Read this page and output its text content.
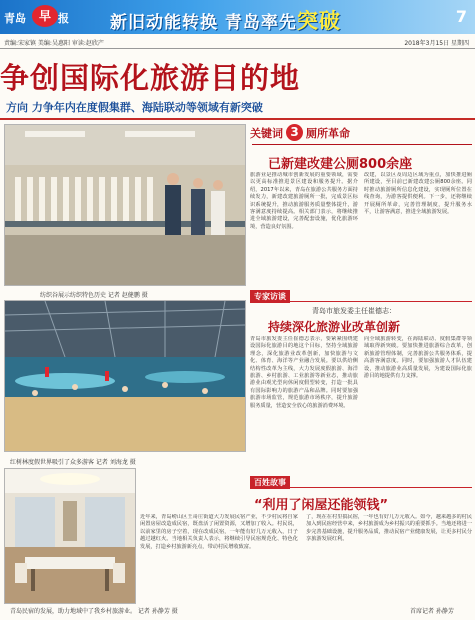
青岛	早 报 新旧动能转换 青岛率先突破	7
责编:宋家镇 美编:吴惠阳 审读:赵欣产	2018年3月15日 星期四
争创国际化旅游目的地
方向 力争年内在度假集群、海陆联动等领域有新突破
纺织谷展示纺织特色历史 记者 赵健鹏 摄
关键词 3 厕所革命
已新建改建公厕800余座
旅游业是推动城市创新发展的重要领域，需要以更高标准推进景区建设和服务提升。据介绍，2017年以来，青岛在旅游公共服务方面持续发力，新建改建旅游厕所一批，完成景区标识系统提升，推动旅游服务质量整体提升，游客满意度持续提高。相关部门表示，将继续推进全域旅游建设，完善配套设施，优化旅游环境，营造良好氛围。
改建，以景区及周边区域为重点，加快推进厕所建设，至目前已新建改建公厕800余座。同时推动旅游厕所信息化建设，实现厕所位置在线查询，为游客提供便利。下一步，还将继续开展厕所革命，完善管理制度，提升服务水平，让游客满意，推进全域旅游发展。
专家访谈
青岛市旅发委主任崔德志：
持续深化旅游业改革创新
青岛市旅发委主任崔德志表示，要紧紧围绕建设国际化旅游目的地这个目标，坚持全域旅游理念，深化旅游业改革创新，加快旅游与文化、体育、海洋等产业融合发展。要以供给侧结构性改革为主线，大力发展度假旅游、海洋旅游、乡村旅游、工业旅游等新业态，推动旅游业由观光型向休闲度假型转变，打造一批具有国际影响力的旅游产品和品牌。同时要加强旅游市场监管，规范旅游市场秩序，提升旅游服务质量，营造安全放心的旅游消费环境。
向全域旅游转变，在海陆联动、度假集群等领域取得新突破。要加快推进旅游综合改革，创新旅游管理体制，完善旅游公共服务体系，提高游客满意度。同时，要加强旅游人才队伍建设，推动旅游业高质量发展，为建设国际化旅游目的地提供有力支撑。
红树林度假世界吸引了众多游客 记者 刘海龙 摄
百姓故事
青岛民宿的发展，助力地域中了我乡村旅游业。 记者 孙静芳 摄
“利用了闲屋还能领钱”
近年来，青岛崂山区王哥庄街道大力发展民宿产业，不少村民将自家闲置房屋改造成民宿，既盘活了闲置资源，又增加了收入。村民说，以前家里的房子空着，现在改成民宿，一年能有好几万元收入，日子越过越红火。当地相关负责人表示，将继续引导民宿规范化、特色化发展，打造乡村旅游新亮点，带动村民增收致富。
了，现在在村里搞民宿，一年也有好几万元收入。如今，越来越多的村民加入到民宿经营中来，乡村旅游成为乡村振兴的重要抓手。当地还将进一步完善基础设施，提升服务品质，推动民宿产业健康发展，让更多村民分享旅游发展红利。
首席记者 孙静芳
